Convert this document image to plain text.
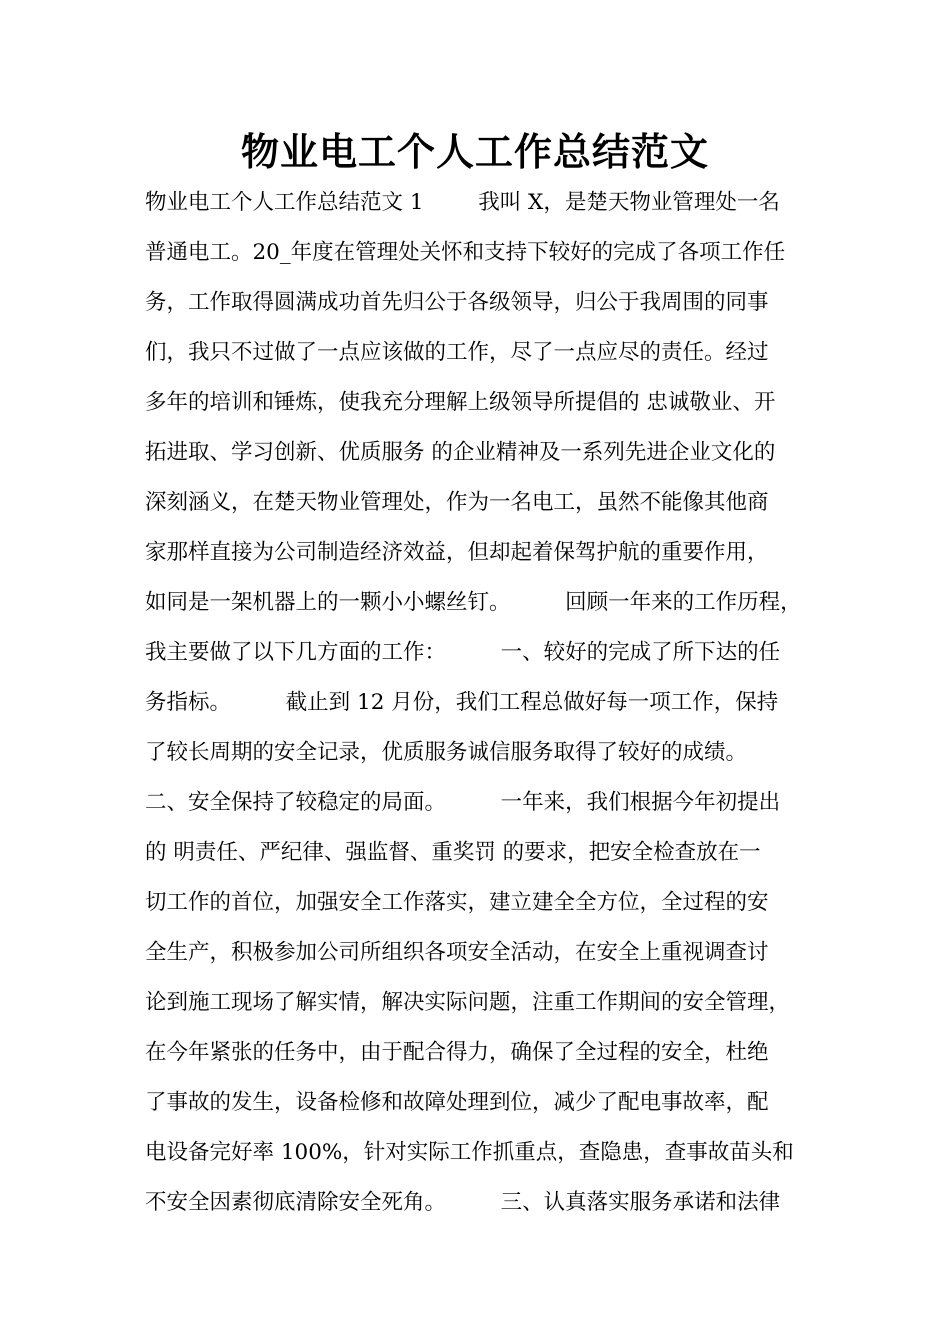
物业电工个人工作总结范文
物业电工个人工作总结范文 1        我叫 X，是楚天物业管理处一名
普通电工。20_年度在管理处关怀和支持下较好的完成了各项工作任
务，工作取得圆满成功首先归公于各级领导，归公于我周围的同事
们，我只不过做了一点应该做的工作，尽了一点应尽的责任。经过
多年的培训和锤炼，使我充分理解上级领导所提倡的 忠诚敬业、开
拓进取、学习创新、优质服务 的企业精神及一系列先进企业文化的
深刻涵义，在楚天物业管理处，作为一名电工，虽然不能像其他商
家那样直接为公司制造经济效益，但却起着保驾护航的重要作用，
如同是一架机器上的一颗小小螺丝钉。        回顾一年来的工作历程，
我主要做了以下几方面的工作：        一、较好的完成了所下达的任
务指标。        截止到 12 月份，我们工程总做好每一项工作，保持
了较长周期的安全记录，优质服务诚信服务取得了较好的成绩。
二、安全保持了较稳定的局面。        一年来，我们根据今年初提出
的 明责任、严纪律、强监督、重奖罚 的要求，把安全检查放在一
切工作的首位，加强安全工作落实，建立建全全方位，全过程的安
全生产，积极参加公司所组织各项安全活动，在安全上重视调查讨
论到施工现场了解实情，解决实际问题，注重工作期间的安全管理，
在今年紧张的任务中，由于配合得力，确保了全过程的安全，杜绝
了事故的发生，设备检修和故障处理到位，减少了配电事故率，配
电设备完好率 100%，针对实际工作抓重点，查隐患，查事故苗头和
不安全因素彻底清除安全死角。        三、认真落实服务承诺和法律
